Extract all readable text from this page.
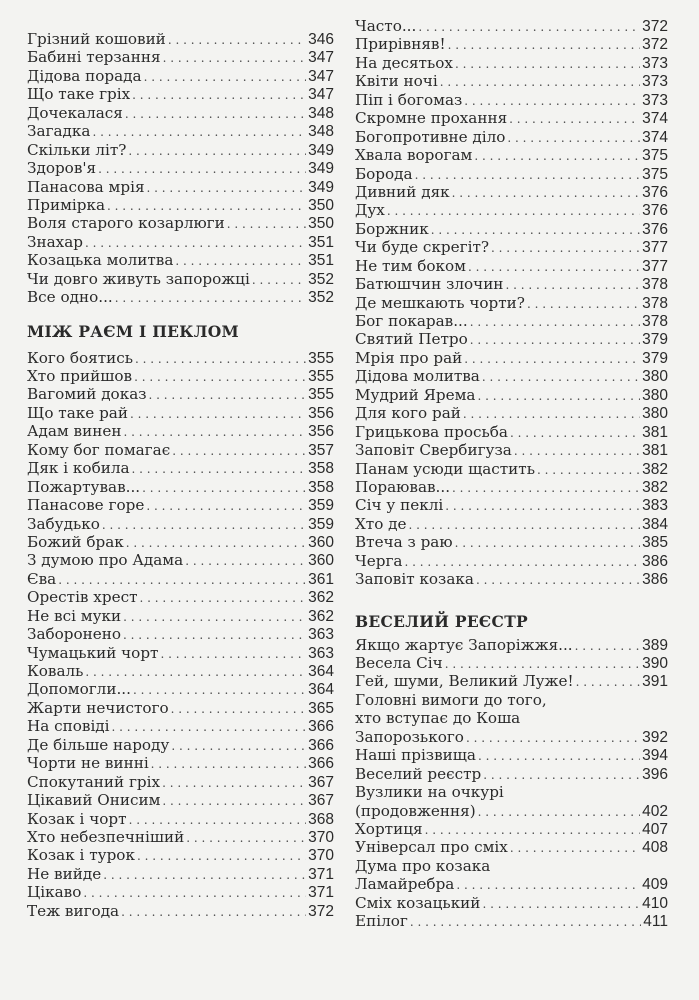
Грізний кошовий . . .	346
Бабині терзання . . .	347
Дідова порада . . .	347
Що таке гріх . . .	347
Дочекалася . . .	348
Загадка . . .	348
Скільки літ? . . .	349
Здоров'я . . .	349
Панасова мрія . . .	349
Примірка . . .	350
Воля старого козарлюги . . .	350
Знахар . . .	351
Козацька молитва . . .	351
Чи довго живуть запорожці . . .	352
Все одно... . . .	352
МІЖ РАЄМ І ПЕКЛОМ
Кого боятись . . .	355
Хто прийшов . . .	355
Вагомий доказ . . .	355
Що таке рай . . .	356
Адам винен . . .	356
Кому бог помагає . . .	357
Дяк і кобила . . .	358
Пожартував... . . .	358
Панасове горе . . .	359
Забудько . . .	359
Божий брак . . .	360
З думою про Адама . . .	360
Єва . . .	361
Орестів хрест . . .	362
Не всі муки . . .	362
Заборонено . . .	363
Чумацький чорт . . .	363
Коваль . . .	364
Допомогли... . . .	364
Жарти нечистого . . .	365
На сповіді . . .	366
Де більше народу . . .	366
Чорти не винні . . .	366
Спокутаний гріх . . .	367
Цікавий Онисим . . .	367
Козак і чорт . . .	368
Хто небезпечніший . . .	370
Козак і турок . . .	370
Не вийде . . .	371
Цікаво . . .	371
Теж вигода . . .	372
Часто... . . .	372
Прирівняв! . . .	372
На десятьох . . .	373
Квіти ночі . . .	373
Піп і богомаз . . .	373
Скромне прохання . . .	374
Богопротивне діло . . .	374
Хвала ворогам . . .	375
Борода . . .	375
Дивний дяк . . .	376
Дух . . .	376
Боржник . . .	376
Чи буде скрегіт? . . .	377
Не тим боком . . .	377
Батюшчин злочин . . .	378
Де мешкають чорти? . . .	378
Бог покарав... . . .	378
Святий Петро . . .	379
Мрія про рай . . .	379
Дідова молитва . . .	380
Мудрий Ярема . . .	380
Для кого рай . . .	380
Грицькова просьба . . .	381
Заповіт Свербигуза . . .	381
Панам усюди щастить . . .	382
Пораював... . . .	382
Січ у пеклі . . .	383
Хто де . . .	384
Втеча з раю . . .	385
Черга . . .	386
Заповіт козака . . .	386
ВЕСЕЛИЙ РЕЄСТР
Якщо жартує Запоріжжя... . . .	389
Весела Січ . . .	390
Гей, шуми, Великий Луже! . . .	391
Головні вимоги до того,
хто вступає до Коша
Запорозького . . .	392
Наші прізвища . . .	394
Веселий реєстр . . .	396
Вузлики на очкурі
(продовження) . . .	402
Хортиця . . .	407
Універсал про сміх . . .	408
Дума про козака
Ламайребра . . .	409
Сміх козацький . . .	410
Епілог . . .	411
